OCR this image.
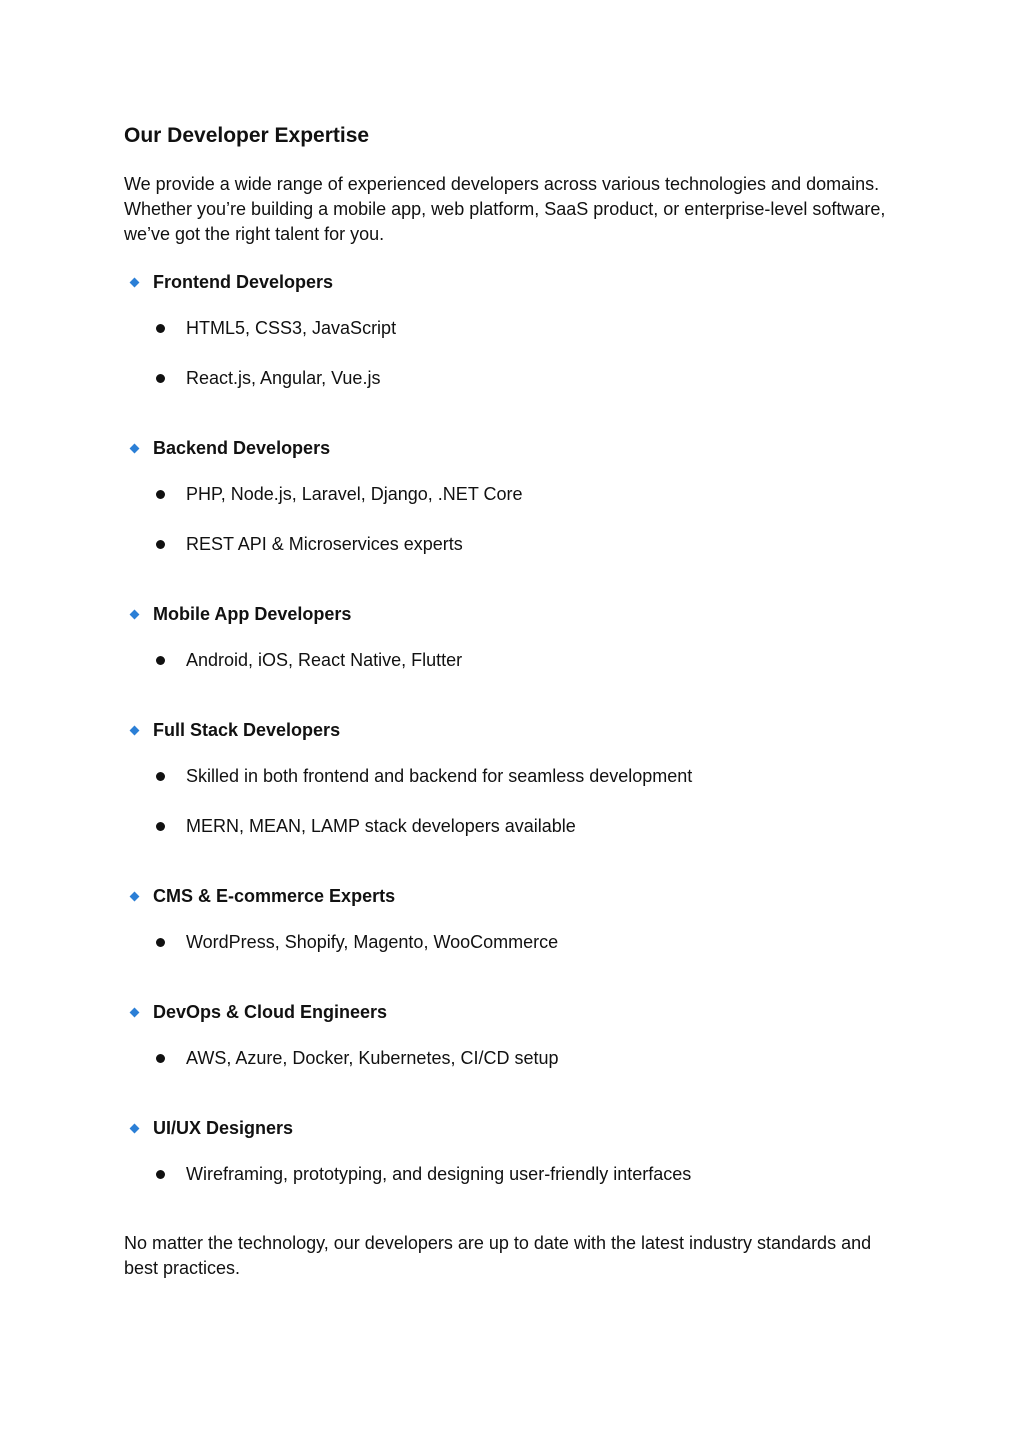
Our Developer Expertise

We provide a wide range of experienced developers across various technologies and domains. Whether you’re building a mobile app, web platform, SaaS product, or enterprise-level software, we’ve got the right talent for you.

Frontend Developers
HTML5, CSS3, JavaScript
React.js, Angular, Vue.js
Backend Developers
PHP, Node.js, Laravel, Django, .NET Core
REST API & Microservices experts
Mobile App Developers
Android, iOS, React Native, Flutter
Full Stack Developers
Skilled in both frontend and backend for seamless development
MERN, MEAN, LAMP stack developers available
CMS & E-commerce Experts
WordPress, Shopify, Magento, WooCommerce
DevOps & Cloud Engineers
AWS, Azure, Docker, Kubernetes, CI/CD setup
UI/UX Designers
Wireframing, prototyping, and designing user-friendly interfaces

No matter the technology, our developers are up to date with the latest industry standards and best practices.
